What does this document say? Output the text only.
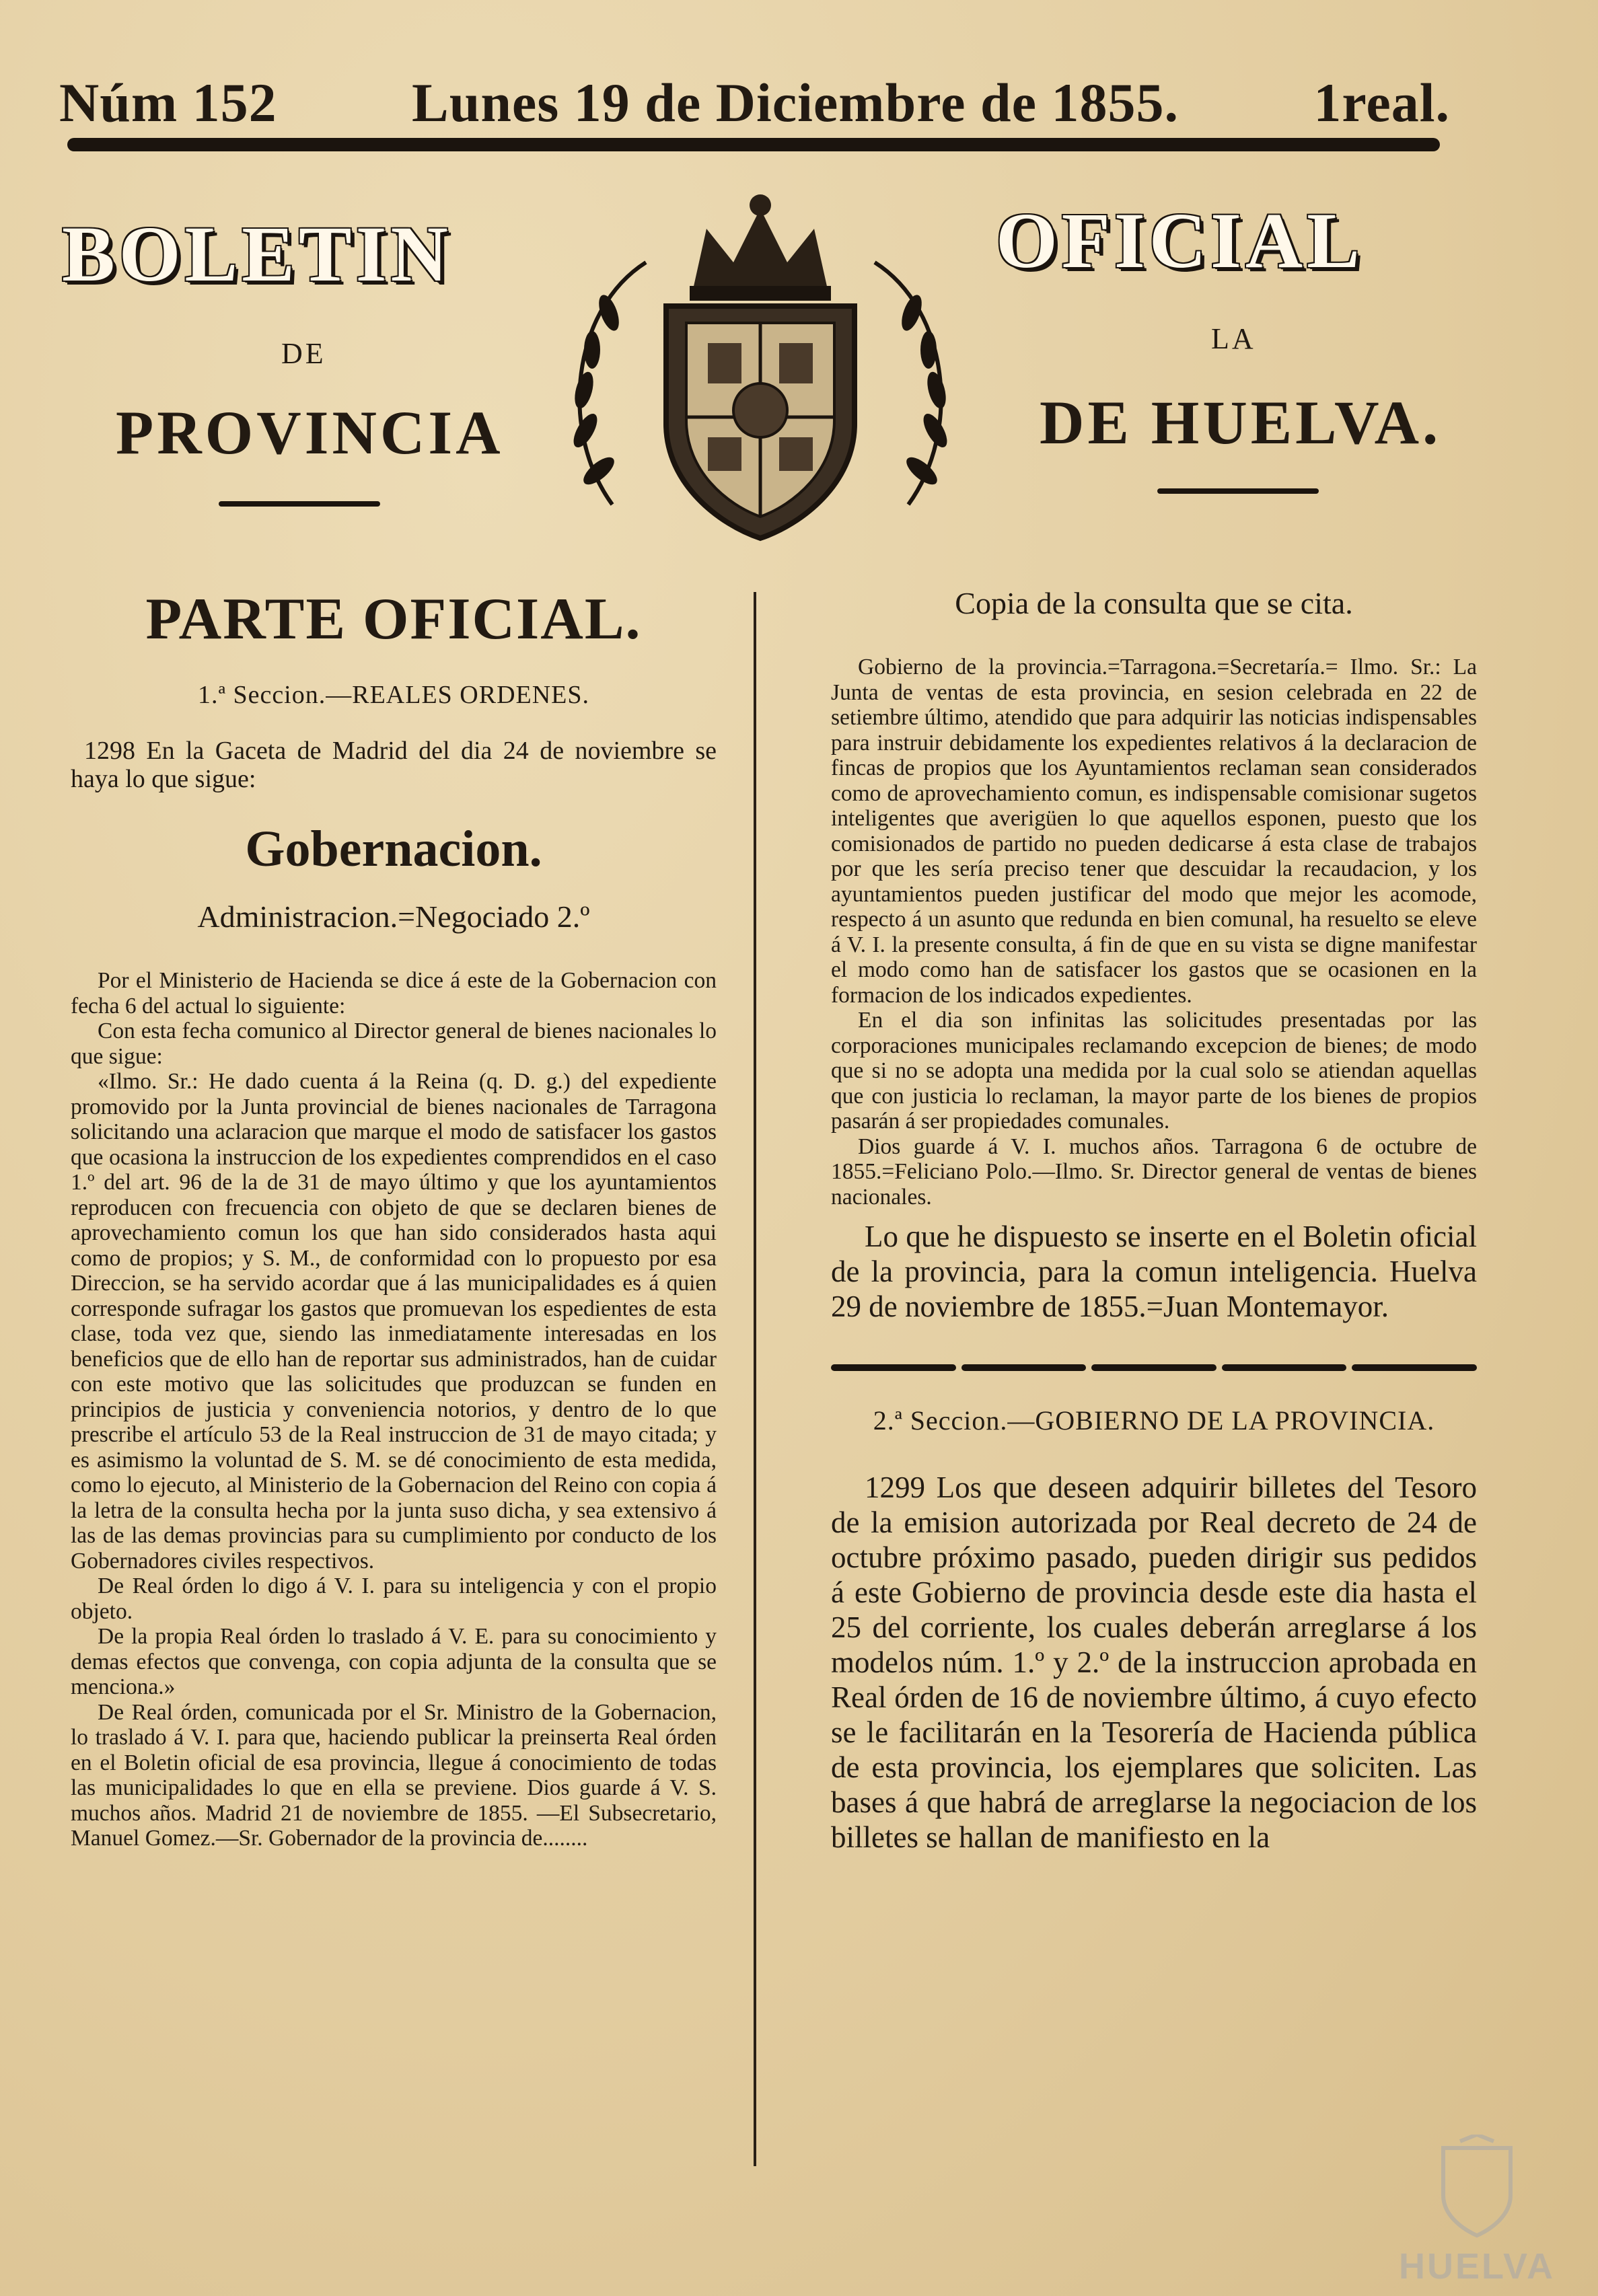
Núm 152 Lunes 19 de Diciembre de 1855. 1real.
BOLETIN	OFICIAL
DE	LA
PROVINCIA	DE HUELVA.
PARTE OFICIAL.
1.ª Seccion.—REALES ORDENES.

1298 En la Gaceta de Madrid del dia 24 de noviembre se haya lo que sigue:

Gobernacion.
Administracion.=Negociado 2.º

Por el Ministerio de Hacienda se dice á este de la Gobernacion con fecha 6 del actual lo siguiente:

Con esta fecha comunico al Director general de bienes nacionales lo que sigue:

«Ilmo. Sr.: He dado cuenta á la Reina (q. D. g.) del expediente promovido por la Junta provincial de bienes nacionales de Tarragona solicitando una aclaracion que marque el modo de satisfacer los gastos que ocasiona la instruccion de los expedientes comprendidos en el caso 1.º del art. 96 de la de 31 de mayo último y que los ayuntamientos reproducen con frecuencia con objeto de que se declaren bienes de aprovechamiento comun los que han sido considerados hasta aqui como de propios; y S. M., de conformidad con lo propuesto por esa Direccion, se ha servido acordar que á las municipalidades es á quien corresponde sufragar los gastos que promuevan los espedientes de esta clase, toda vez que, siendo las inmediatamente interesadas en los beneficios que de ello han de reportar sus administrados, han de cuidar con este motivo que las solicitudes que produzcan se funden en principios de justicia y conveniencia notorios, y dentro de lo que prescribe el artículo 53 de la Real instruccion de 31 de mayo citada; y es asimismo la voluntad de S. M. se dé conocimiento de esta medida, como lo ejecuto, al Ministerio de la Gobernacion del Reino con copia á la letra de la consulta hecha por la junta suso dicha, y sea extensivo á las de las demas provincias para su cumplimiento por conducto de los Gobernadores civiles respectivos.

De Real órden lo digo á V. I. para su inteligencia y con el propio objeto.

De la propia Real órden lo traslado á V. E. para su conocimiento y demas efectos que convenga, con copia adjunta de la consulta que se menciona.»

De Real órden, comunicada por el Sr. Ministro de la Gobernacion, lo traslado á V. I. para que, haciendo publicar la preinserta Real órden en el Boletin oficial de esa provincia, llegue á conocimiento de todas las municipalidades lo que en ella se previene. Dios guarde á V. S. muchos años. Madrid 21 de noviembre de 1855. —El Subsecretario, Manuel Gomez.—Sr. Gobernador de la provincia de........

Copia de la consulta que se cita.

Gobierno de la provincia.=Tarragona.=Secretaría.= Ilmo. Sr.: La Junta de ventas de esta provincia, en sesion celebrada en 22 de setiembre último, atendido que para adquirir las noticias indispensables para instruir debidamente los expedientes relativos á la declaracion de fincas de propios que los Ayuntamientos reclaman sean considerados como de aprovechamiento comun, es indispensable comisionar sugetos inteligentes que averigüen lo que aquellos esponen, puesto que los comisionados de partido no pueden dedicarse á esta clase de trabajos por que les sería preciso tener que descuidar la recaudacion, y los ayuntamientos pueden justificar del modo que mejor les acomode, respecto á un asunto que redunda en bien comunal, ha resuelto se eleve á V. I. la presente consulta, á fin de que en su vista se digne manifestar el modo como han de satisfacer los gastos que se ocasionen en la formacion de los indicados expedientes.

En el dia son infinitas las solicitudes presentadas por las corporaciones municipales reclamando excepcion de bienes; de modo que si no se adopta una medida por la cual solo se atiendan aquellas que con justicia lo reclaman, la mayor parte de los bienes de propios pasarán á ser propiedades comunales.

Dios guarde á V. I. muchos años. Tarragona 6 de octubre de 1855.=Feliciano Polo.—Ilmo. Sr. Director general de ventas de bienes nacionales.

Lo que he dispuesto se inserte en el Boletin oficial de la provincia, para la comun inteligencia. Huelva 29 de noviembre de 1855.=Juan Montemayor.

2.ª Seccion.—GOBIERNO DE LA PROVINCIA.

1299 Los que deseen adquirir billetes del Tesoro de la emision autorizada por Real decreto de 24 de octubre próximo pasado, pueden dirigir sus pedidos á este Gobierno de provincia desde este dia hasta el 25 del corriente, los cuales deberán arreglarse á los modelos núm. 1.º y 2.º de la instruccion aprobada en Real órden de 16 de noviembre último, á cuyo efecto se le facilitarán en la Tesorería de Hacienda pública de esta provincia, los ejemplares que soliciten. Las bases á que habrá de arreglarse la negociacion de los billetes se hallan de manifiesto en la

HUELVA
